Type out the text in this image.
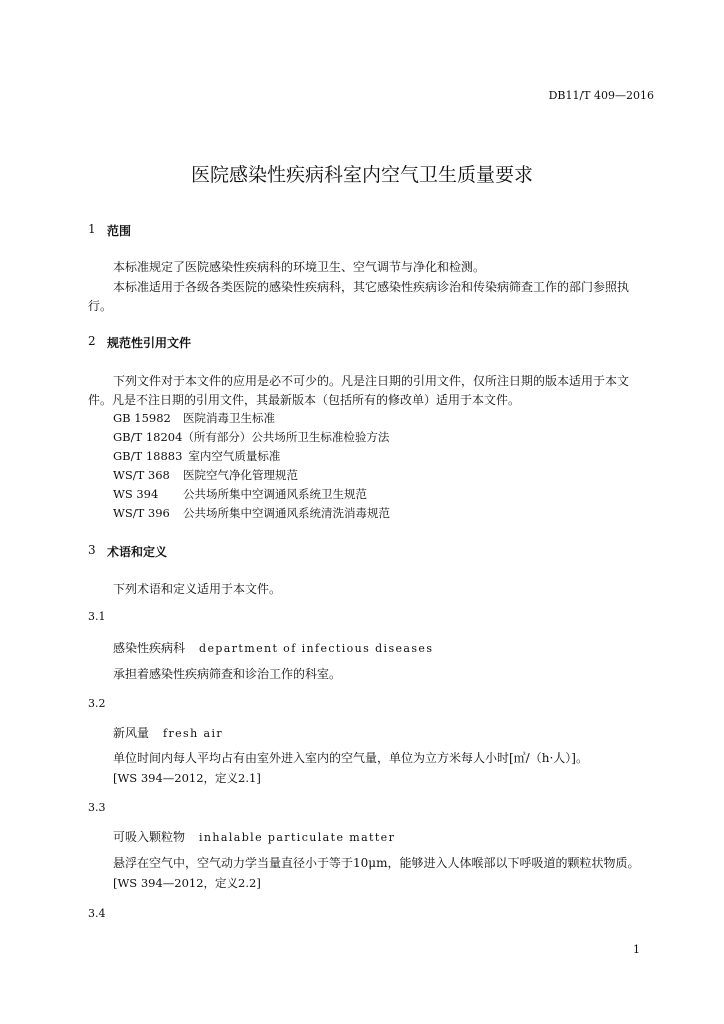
DB11/T 409—2016
医院感染性疾病科室内空气卫生质量要求
1 范围
本标准规定了医院感染性疾病科的环境卫生、空气调节与净化和检测。
本标准适用于各级各类医院的感染性疾病科，其它感染性疾病诊治和传染病筛查工作的部门参照执
行。
2 规范性引用文件
下列文件对于本文件的应用是必不可少的。凡是注日期的引用文件，仅所注日期的版本适用于本文
件。凡是不注日期的引用文件，其最新版本（包括所有的修改单）适用于本文件。
GB 15982 医院消毒卫生标准
GB/T 18204（所有部分）公共场所卫生标准检验方法
GB/T 18883 室内空气质量标准
WS/T 368 医院空气净化管理规范
WS 394 公共场所集中空调通风系统卫生规范
WS/T 396 公共场所集中空调通风系统清洗消毒规范
3 术语和定义
下列术语和定义适用于本文件。
3.1
感染性疾病科 department of infectious diseases
承担着感染性疾病筛查和诊治工作的科室。
3.2
新风量 fresh air
单位时间内每人平均占有由室外进入室内的空气量，单位为立方米每人小时[㎥/（h·人）]。
[WS 394—2012，定义2.1]
3.3
可吸入颗粒物 inhalable particulate matter
悬浮在空气中，空气动力学当量直径小于等于10μm，能够进入人体喉部以下呼吸道的颗粒状物质。
[WS 394—2012，定义2.2]
3.4
1
